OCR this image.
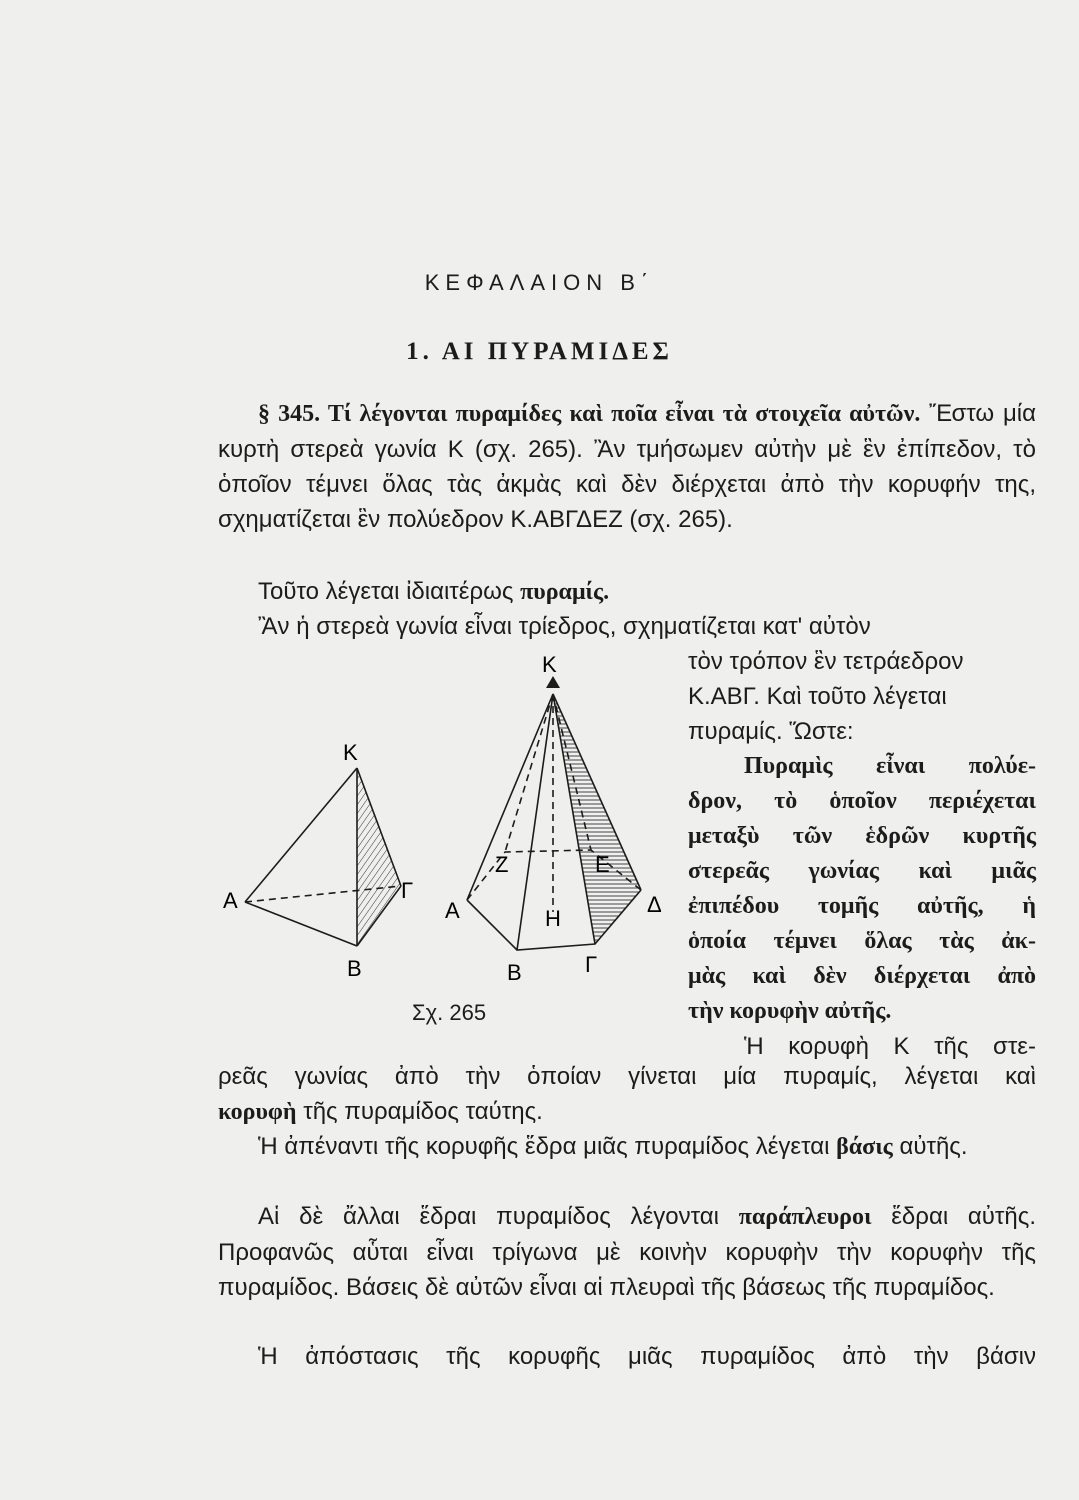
ΚΕΦΑΛΑΙΟΝ Β΄
1. ΑΙ ΠΥΡΑΜΙΔΕΣ
§ 345. Τί λέγονται πυραμίδες καὶ ποῖα εἶναι τὰ στοιχεῖα αὐτῶν. Ἔστω μία κυρτὴ στερεὰ γωνία Κ (σχ. 265). Ἂν τμήσωμεν αὐτὴν μὲ ἓν ἐπίπεδον, τὸ ὁποῖον τέμνει ὅλας τὰς ἀκμὰς καὶ δὲν διέρχεται ἀπὸ τὴν κορυφήν της, σχηματίζεται ἓν πολύεδρον Κ.ΑΒΓΔΕΖ (σχ. 265).
Τοῦτο λέγεται ἰδιαιτέρως πυραμίς.
Ἂν ἡ στερεὰ γωνία εἶναι τρίεδρος, σχηματίζεται κατ' αὐτὸν
τὸν τρόπον ἓν τετράεδρον
Κ.ΑΒΓ. Καὶ τοῦτο λέγεται
πυραμίς. Ὥστε:
Πυραμὶς εἶναι πολύε-
δρον, τὸ ὁποῖον περιέχεται
μεταξὺ τῶν ἑδρῶν κυρτῆς
στερεᾶς γωνίας καὶ μιᾶς
ἐπιπέδου τομῆς αὐτῆς, ἡ
ὁποία τέμνει ὅλας τὰς ἀκ-
μὰς καὶ δὲν διέρχεται ἀπὸ
τὴν κορυφὴν αὐτῆς.
Ἡ κορυφὴ Κ τῆς στε-
Κ
Α
Β
Γ
Κ
Α
Β	Γ
Δ
Ε
Ζ
Η
Σχ. 265
ρεᾶς γωνίας ἀπὸ τὴν ὁποίαν γίνεται μία πυραμίς, λέγεται καὶ
κορυφὴ τῆς πυραμίδος ταύτης.
Ἡ ἀπέναντι τῆς κορυφῆς ἕδρα μιᾶς πυραμίδος λέγεται βάσις αὐτῆς.
Αἱ δὲ ἄλλαι ἕδραι πυραμίδος λέγονται παράπλευροι ἕδραι αὐτῆς. Προφανῶς αὗται εἶναι τρίγωνα μὲ κοινὴν κορυφὴν τὴν κορυφὴν τῆς πυραμίδος. Βάσεις δὲ αὐτῶν εἶναι αἱ πλευραὶ τῆς βάσεως τῆς πυραμίδος.
Ἡ ἀπόστασις τῆς κορυφῆς μιᾶς πυραμίδος ἀπὸ τὴν βάσιν
